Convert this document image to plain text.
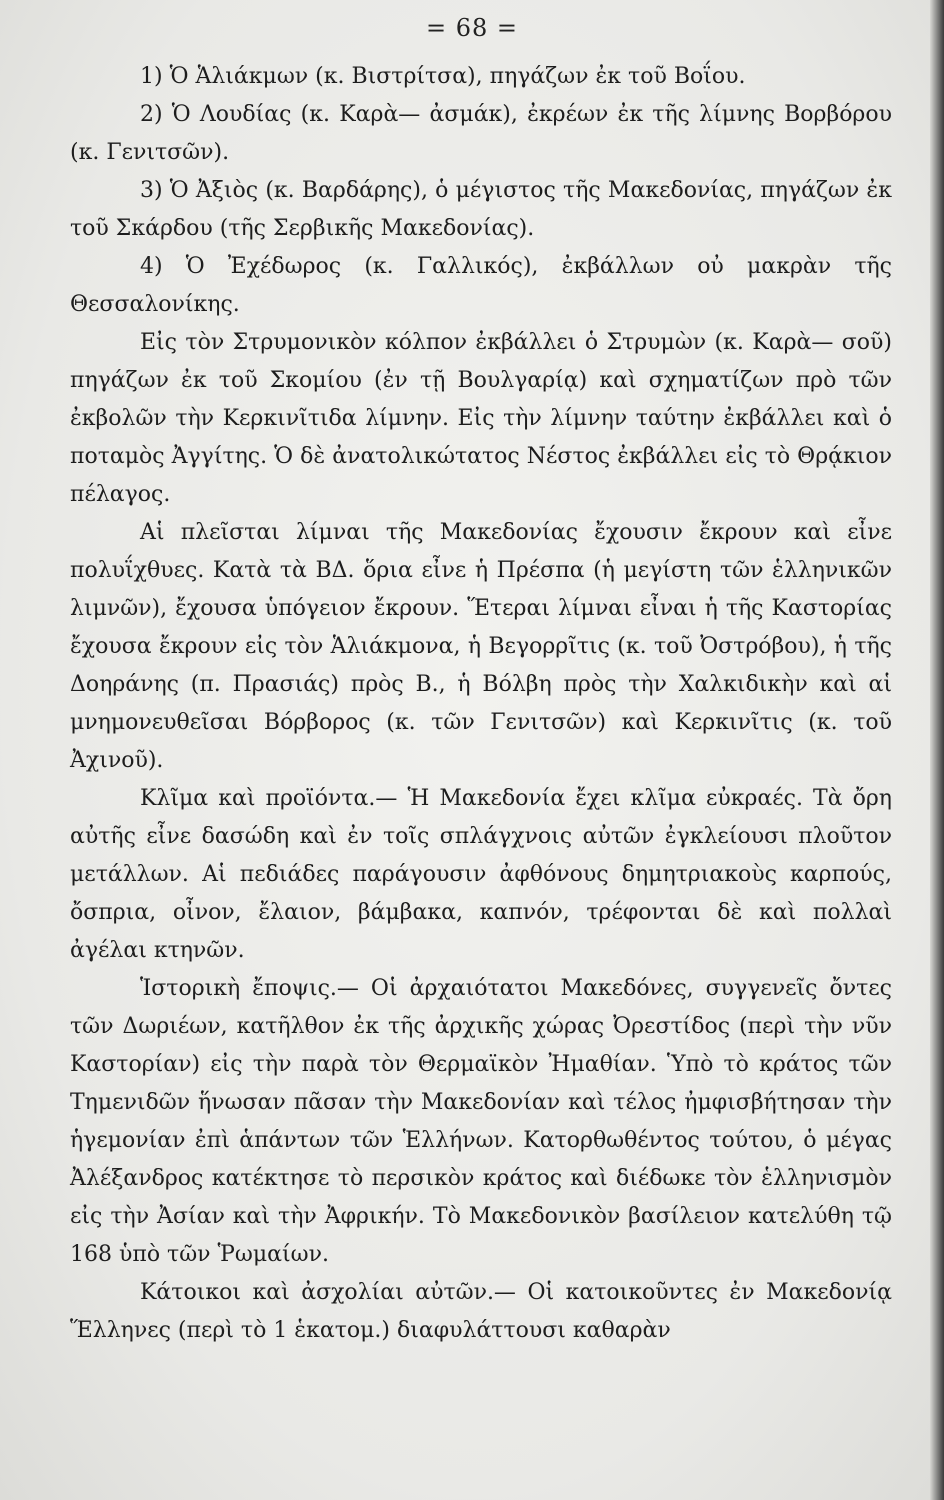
= 68 =

1) Ὁ Ἁλιάκμων (κ. Βιστρίτσα), πηγάζων ἐκ τοῦ Βοΐου.

2) Ὁ Λουδίας (κ. Καρὰ— ἀσμάκ), ἐκρέων ἐκ τῆς λίμνης Βορβόρου (κ. Γενιτσῶν).

3) Ὁ Ἀξιὸς (κ. Βαρδάρης), ὁ μέγιστος τῆς Μακεδονίας, πηγάζων ἐκ τοῦ Σκάρδου (τῆς Σερβικῆς Μακεδονίας).

4) Ὁ Ἐχέδωρος (κ. Γαλλικός), ἐκβάλλων οὐ μακρὰν τῆς Θεσσαλονίκης.

Εἰς τὸν Στρυμονικὸν κόλπον ἐκβάλλει ὁ Στρυμὼν (κ. Καρὰ— σοῦ) πηγάζων ἐκ τοῦ Σκομίου (ἐν τῇ Βουλγαρίᾳ) καὶ σχηματίζων πρὸ τῶν ἐκβολῶν τὴν Κερκινῖτιδα λίμνην. Εἰς τὴν λίμνην ταύτην ἐκβάλλει καὶ ὁ ποταμὸς Ἀγγίτης. Ὁ δὲ ἀνατολικώτατος Νέστος ἐκβάλλει εἰς τὸ Θρᾴκιον πέλαγος.

Αἱ πλεῖσται λίμναι τῆς Μακεδονίας ἔχουσιν ἔκρουν καὶ εἶνε πολυΐχθυες. Κατὰ τὰ ΒΔ. ὅρια εἶνε ἡ Πρέσπα (ἡ μεγίστη τῶν ἑλληνικῶν λιμνῶν), ἔχουσα ὑπόγειον ἔκρουν. Ἕτεραι λίμναι εἶναι ἡ τῆς Καστορίας ἔχουσα ἔκρουν εἰς τὸν Ἁλιάκμονα, ἡ Βεγορρῖτις (κ. τοῦ Ὀστρόβου), ἡ τῆς Δοηράνης (π. Πρασιάς) πρὸς Β., ἡ Βόλβη πρὸς τὴν Χαλκιδικὴν καὶ αἱ μνημονευθεῖσαι Βόρβορος (κ. τῶν Γενιτσῶν) καὶ Κερκινῖτις (κ. τοῦ Ἀχινοῦ).

Κλῖμα καὶ προϊόντα.— Ἡ Μακεδονία ἔχει κλῖμα εὐκραές. Τὰ ὄρη αὐτῆς εἶνε δασώδη καὶ ἐν τοῖς σπλάγχνοις αὐτῶν ἐγκλείουσι πλοῦτον μετάλλων. Αἱ πεδιάδες παράγουσιν ἀφθόνους δημητριακοὺς καρπούς, ὄσπρια, οἶνον, ἔλαιον, βάμβακα, καπνόν, τρέφονται δὲ καὶ πολλαὶ ἀγέλαι κτηνῶν.

Ἱστορικὴ ἔποψις.— Οἱ ἀρχαιότατοι Μακεδόνες, συγγενεῖς ὄντες τῶν Δωριέων, κατῆλθον ἐκ τῆς ἀρχικῆς χώρας Ὀρεστίδος (περὶ τὴν νῦν Καστορίαν) εἰς τὴν παρὰ τὸν Θερμαϊκὸν Ἠμαθίαν. Ὑπὸ τὸ κράτος τῶν Τημενιδῶν ἥνωσαν πᾶσαν τὴν Μακεδονίαν καὶ τέλος ἠμφισβήτησαν τὴν ἡγεμονίαν ἐπὶ ἁπάντων τῶν Ἑλλήνων. Κατορθωθέντος τούτου, ὁ μέγας Ἀλέξανδρος κατέκτησε τὸ περσικὸν κράτος καὶ διέδωκε τὸν ἑλληνισμὸν εἰς τὴν Ἀσίαν καὶ τὴν Ἀφρικήν. Τὸ Μακεδονικὸν βασίλειον κατελύθη τῷ 168 ὑπὸ τῶν Ῥωμαίων.

Κάτοικοι καὶ ἀσχολίαι αὐτῶν.— Οἱ κατοικοῦντες ἐν Μακεδονίᾳ Ἕλληνες (περὶ τὸ 1 ἑκατομ.) διαφυλάττουσι καθαρὰν
